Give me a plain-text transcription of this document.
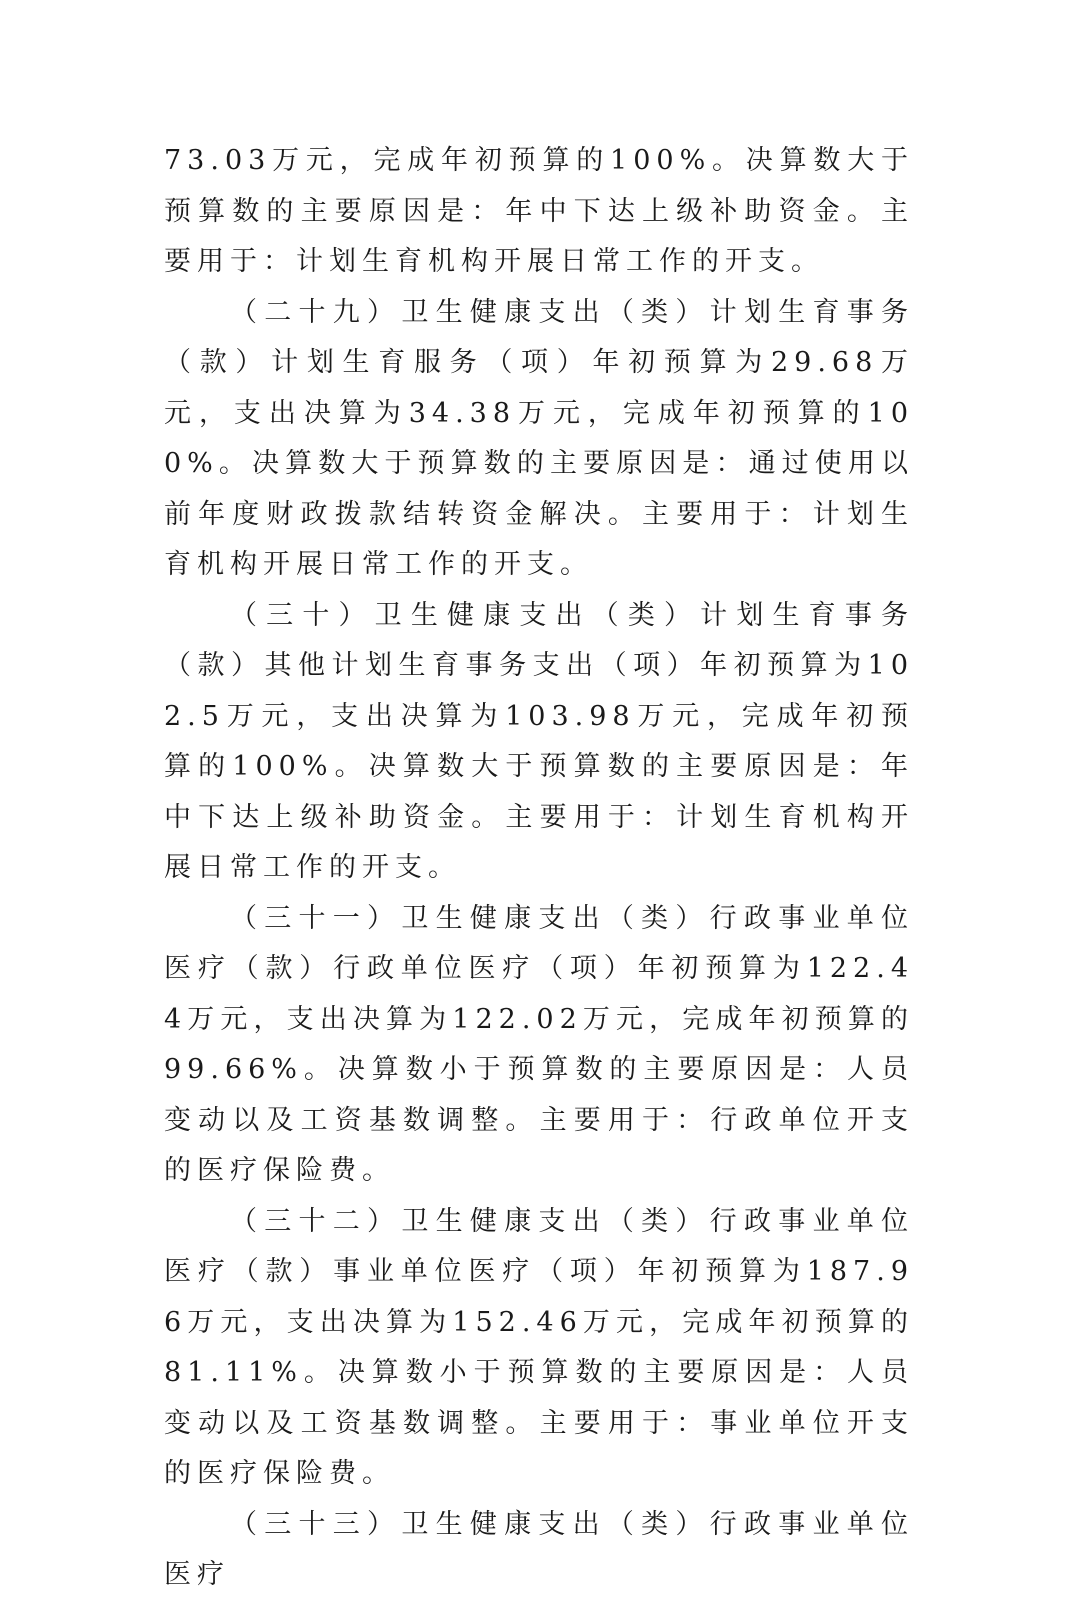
73.03万元，完成年初预算的100%。决算数大于预算数的主要原因是：年中下达上级补助资金。主要用于：计划生育机构开展日常工作的开支。

（二十九）卫生健康支出（类）计划生育事务（款）计划生育服务（项）年初预算为29.68万元，支出决算为34.38万元，完成年初预算的100%。决算数大于预算数的主要原因是：通过使用以前年度财政拨款结转资金解决。主要用于：计划生育机构开展日常工作的开支。

（三十）卫生健康支出（类）计划生育事务（款）其他计划生育事务支出（项）年初预算为102.5万元，支出决算为103.98万元，完成年初预算的100%。决算数大于预算数的主要原因是：年中下达上级补助资金。主要用于：计划生育机构开展日常工作的开支。

（三十一）卫生健康支出（类）行政事业单位医疗（款）行政单位医疗（项）年初预算为122.44万元，支出决算为122.02万元，完成年初预算的99.66%。决算数小于预算数的主要原因是：人员变动以及工资基数调整。主要用于：行政单位开支的医疗保险费。

（三十二）卫生健康支出（类）行政事业单位医疗（款）事业单位医疗（项）年初预算为187.96万元，支出决算为152.46万元，完成年初预算的81.11%。决算数小于预算数的主要原因是：人员变动以及工资基数调整。主要用于：事业单位开支的医疗保险费。

（三十三）卫生健康支出（类）行政事业单位医疗
